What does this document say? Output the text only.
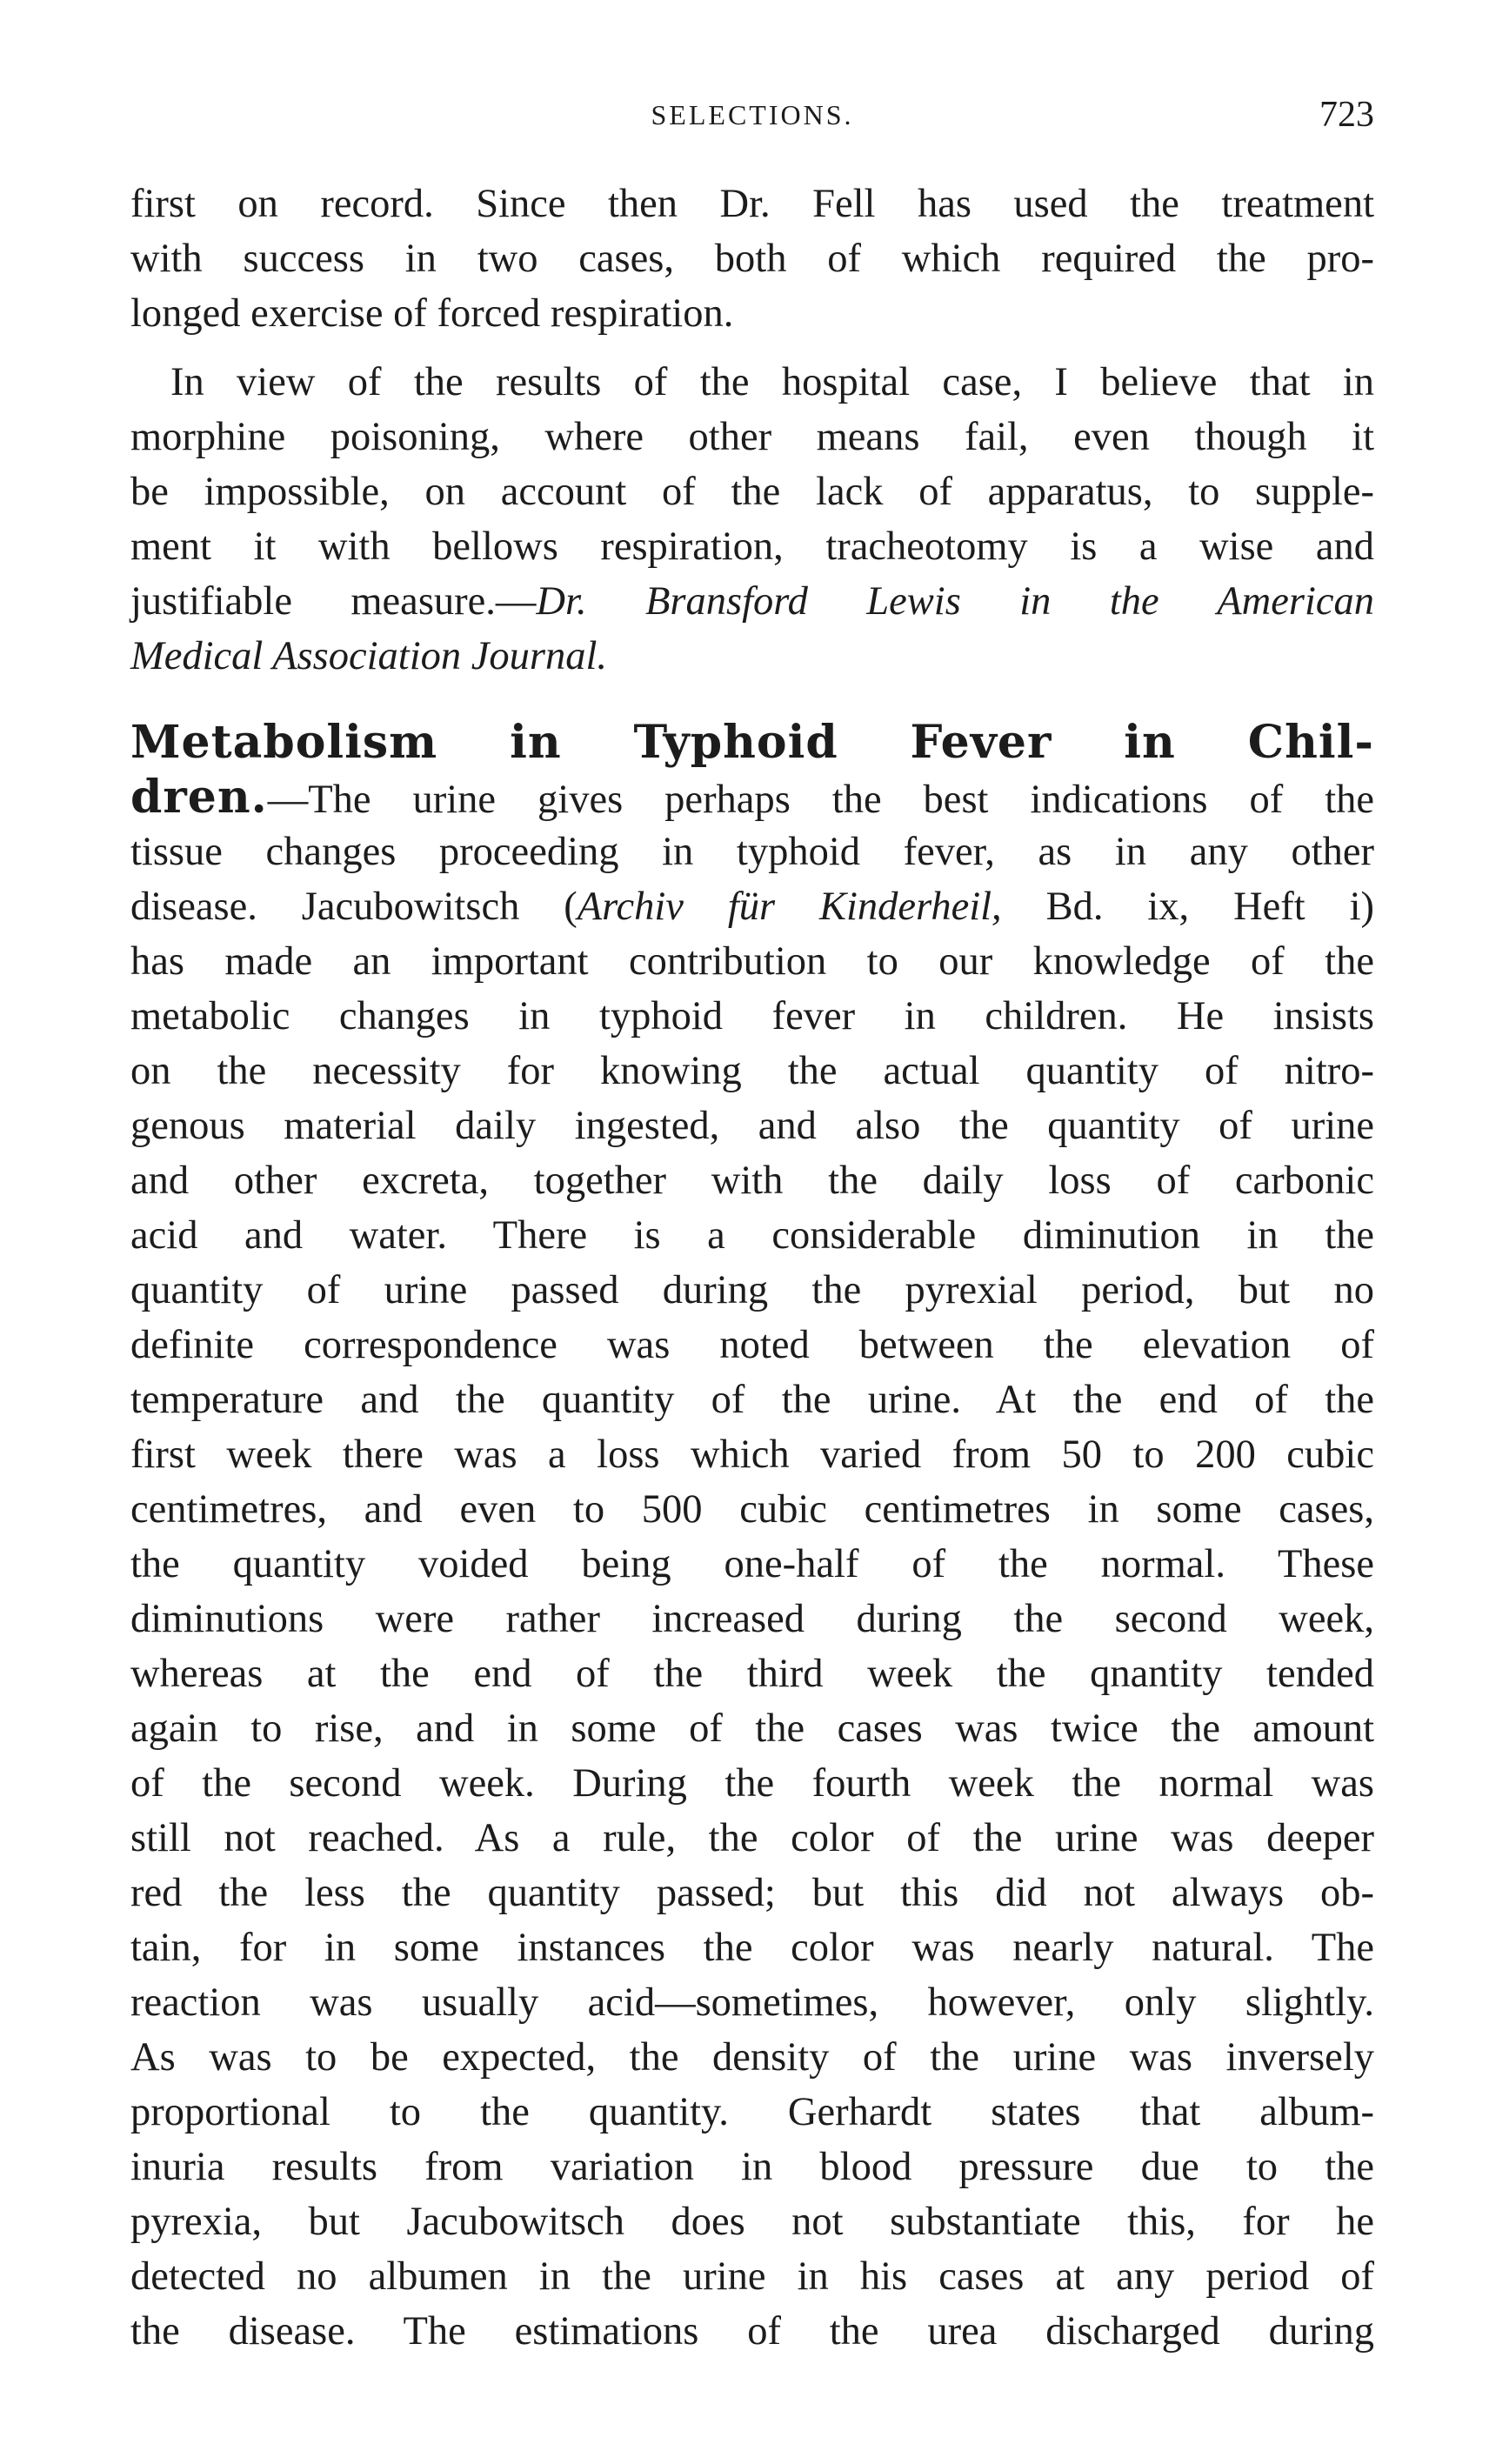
SELECTIONS.	723
first on record. Since then Dr. Fell has used the treatment
with success in two cases, both of which required the pro-
longed exercise of forced respiration.
In view of the results of the hospital case, I believe that in
morphine poisoning, where other means fail, even though it
be impossible, on account of the lack of apparatus, to supple-
ment it with bellows respiration, tracheotomy is a wise and
justifiable measure.—Dr. Bransford Lewis in the American
Medical Association Journal.
Metabolism in Typhoid Fever in Chil-
dren.—The urine gives perhaps the best indications of the
tissue changes proceeding in typhoid fever, as in any other
disease. Jacubowitsch (Archiv für Kinderheil, Bd. ix, Heft i)
has made an important contribution to our knowledge of the
metabolic changes in typhoid fever in children. He insists
on the necessity for knowing the actual quantity of nitro-
genous material daily ingested, and also the quantity of urine
and other excreta, together with the daily loss of carbonic
acid and water. There is a considerable diminution in the
quantity of urine passed during the pyrexial period, but no
definite correspondence was noted between the elevation of
temperature and the quantity of the urine. At the end of the
first week there was a loss which varied from 50 to 200 cubic
centimetres, and even to 500 cubic centimetres in some cases,
the quantity voided being one-half of the normal. These
diminutions were rather increased during the second week,
whereas at the end of the third week the qnantity tended
again to rise, and in some of the cases was twice the amount
of the second week. During the fourth week the normal was
still not reached. As a rule, the color of the urine was deeper
red the less the quantity passed; but this did not always ob-
tain, for in some instances the color was nearly natural. The
reaction was usually acid—sometimes, however, only slightly.
As was to be expected, the density of the urine was inversely
proportional to the quantity. Gerhardt states that album-
inuria results from variation in blood pressure due to the
pyrexia, but Jacubowitsch does not substantiate this, for he
detected no albumen in the urine in his cases at any period of
the disease. The estimations of the urea discharged during
